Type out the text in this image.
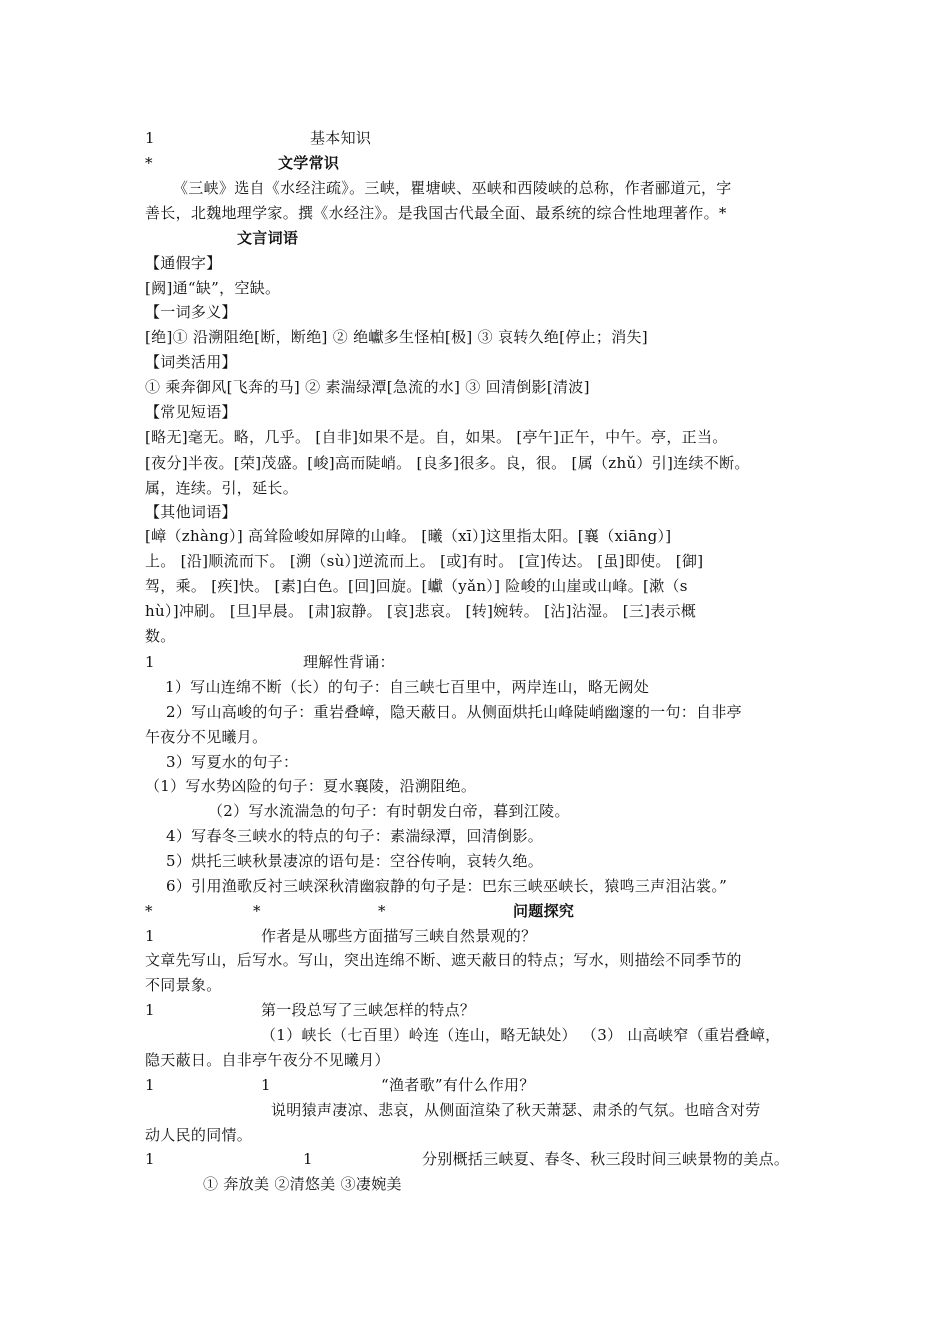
1	基本知识
*	文学常识
《三峡》选自《水经注疏》。三峡，瞿塘峡、巫峡和西陵峡的总称，作者郦道元，字
善长，北魏地理学家。撰《水经注》。是我国古代最全面、最系统的综合性地理著作。*
文言词语
【通假字】
[阙]通“缺”，空缺。
【一词多义】
[绝]① 沿溯阻绝[断，断绝] ② 绝巘多生怪柏[极] ③ 哀转久绝[停止；消失]
【词类活用】
① 乘奔御风[飞奔的马] ② 素湍绿潭[急流的水] ③ 回清倒影[清波]
【常见短语】
[略无]毫无。略，几乎。 [自非]如果不是。自，如果。 [亭午]正午，中午。亭，正当。
[夜分]半夜。[荣]茂盛。[峻]高而陡峭。 [良多]很多。良，很。 [属（zhǔ）引]连续不断。
属，连续。引，延长。
【其他词语】
[嶂（zhàng）] 高耸险峻如屏障的山峰。 [曦（xī）]这里指太阳。[襄（xiāng）]
上。 [沿]顺流而下。 [溯（sù）]逆流而上。 [或]有时。 [宣]传达。 [虽]即使。 [御]
驾，乘。 [疾]快。 [素]白色。[回]回旋。[巘（yǎn）] 险峻的山崖或山峰。[漱（s
hù）]冲刷。 [旦]早晨。 [肃]寂静。 [哀]悲哀。 [转]婉转。 [沾]沾湿。 [三]表示概
数。
1	理解性背诵：
1）写山连绵不断（长）的句子：自三峡七百里中，两岸连山，略无阙处
2）写山高峻的句子：重岩叠嶂，隐天蔽日。从侧面烘托山峰陡峭幽邃的一句：自非亭
午夜分不见曦月。
3）写夏水的句子：
（1）写水势凶险的句子：夏水襄陵，沿溯阻绝。
（2）写水流湍急的句子：有时朝发白帝，暮到江陵。
4）写春冬三峡水的特点的句子：素湍绿潭，回清倒影。
5）烘托三峡秋景凄凉的语句是：空谷传响，哀转久绝。
6）引用渔歌反衬三峡深秋清幽寂静的句子是：巴东三峡巫峡长，猿鸣三声泪沾裳。”
*	*	*	问题探究
1	作者是从哪些方面描写三峡自然景观的？
文章先写山，后写水。写山，突出连绵不断、遮天蔽日的特点；写水，则描绘不同季节的
不同景象。
1	第一段总写了三峡怎样的特点？
（1）峡长（七百里）岭连（连山，略无缺处） （3） 山高峡窄（重岩叠嶂，
隐天蔽日。自非亭午夜分不见曦月）
1	1	“渔者歌”有什么作用？
说明猿声凄凉、悲哀，从侧面渲染了秋天萧瑟、肃杀的气氛。也暗含对劳
动人民的同情。
1	1	分别概括三峡夏、春冬、秋三段时间三峡景物的美点。
① 奔放美 ②清悠美 ③凄婉美
